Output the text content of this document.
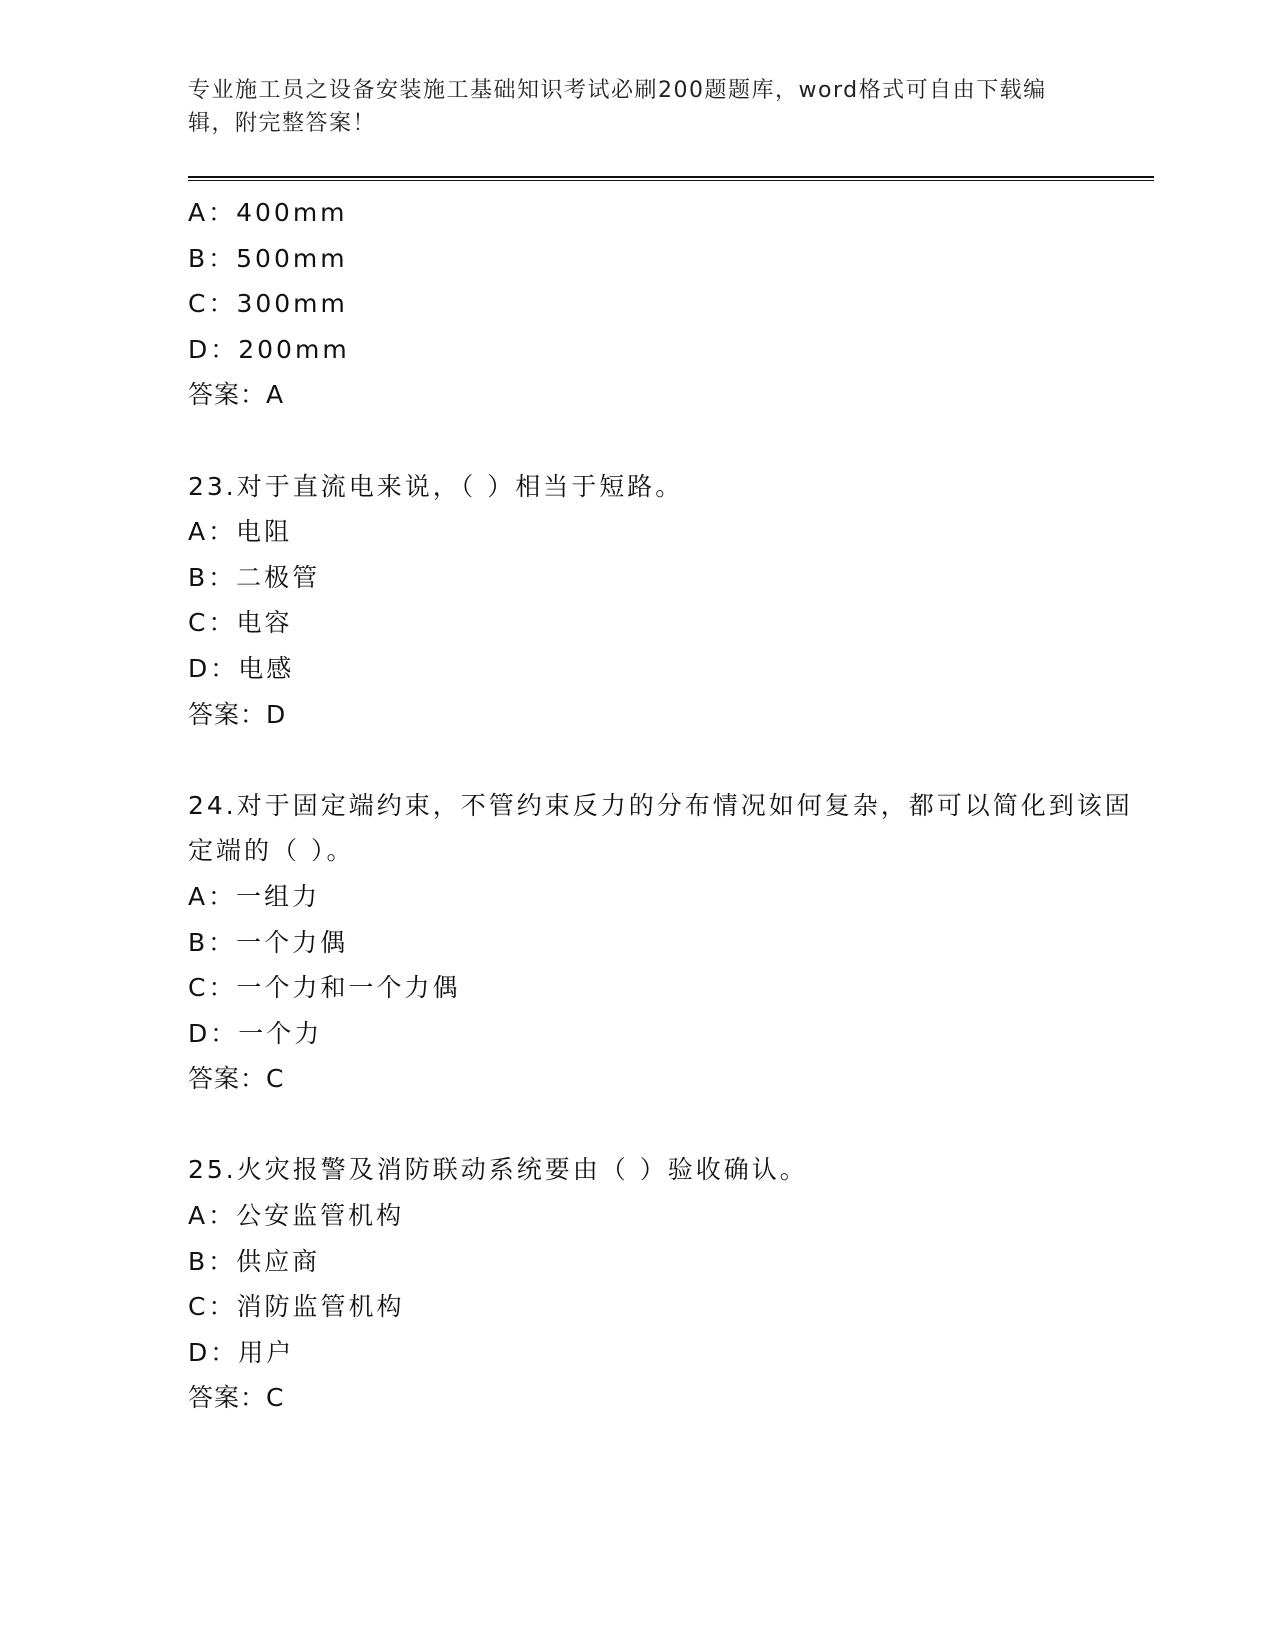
专业施工员之设备安装施工基础知识考试必刷200题题库，word格式可自由下载编辑，附完整答案！
A：400mm
B：500mm
C：300mm
D：200mm
答案：A
23.对于直流电来说，（ ）相当于短路。
A：电阻
B：二极管
C：电容
D：电感
答案：D
24.对于固定端约束，不管约束反力的分布情况如何复杂，都可以简化到该固定端的（ ）。
A：一组力
B：一个力偶
C：一个力和一个力偶
D：一个力
答案：C
25.火灾报警及消防联动系统要由（ ）验收确认。
A：公安监管机构
B：供应商
C：消防监管机构
D：用户
答案：C
